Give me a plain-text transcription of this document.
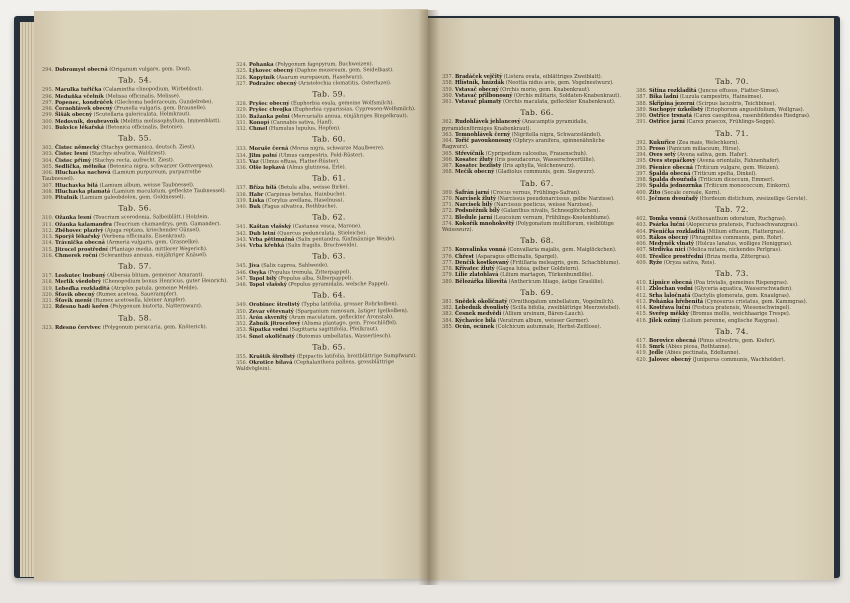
294. Dobromysl obecná (Origanum vulgare, gem. Dost).
Tab. 54.
295. Marulka tuřička (Calamintha clinopodium, Wirbeldost).
296. Meduňka včelník (Melissa officinalis, Melisse).
297. Popenec, kondrúček (Glechoma hederaceum, Gundelrebe).
298. Černohlávek obecný (Prunella vulgaris, gem. Braunelle).
299. Šišák obecný (Scutellaria galericulata, Helmkraut).
300. Medovník, doubravník (Melittis melissophyllum, Immenblatt).
301. Bukvice lékařská (Betonica officinalis, Betonie).
Tab. 55.
302. Čistec německý (Stachys germanica, deutsch. Ziest).
303. Čistec lesní (Stachys silvatica, Waldziest).
304. Čistec přímý (Stachys recta, aufrecht. Ziest).
305. Sedlička, mělníka (Betonica nigra, schwarzer Gottvergess).
306. Hluchavka nachová (Lamium purpureum, purpurrothe Taubnessel).
307. Hluchavka bílá (Lamium album, weisse Taubnessel).
308. Hluchavka plamatá (Lamium maculatum, gefleckte Taubnessel).
309. Pitulník (Lamium galeobdolon, gem. Goldnessel).
Tab. 56.
310. Ožanka lesní (Teucrium scorodonia, Salbeiblätt.) Holzlein.
311. Ožanka kalamandra (Teucrium chamaedrys, gem. Gamander).
312. Zběhovec plazivý (Ajuga reptans, kriechender Günsel).
313. Sporýš lékařský (Verbena officinalis, Eisenkraut).
314. Trávnička obecná (Armeria vulgaris, gem. Grasnelke).
315. Jitrocel prostřední (Plantago media, mittlerer Wegerich).
316. Chmerek roční (Scleranthus annuus, einjähriger Knäuel).
Tab. 57.
317. Loskutec lnobuný (Albersia blitum, gemeiner Amarant).
318. Merlík všedobrý (Chenopodium bonus Henricus, guter Heinrich).
319. Lebeďka rozkladitá (Atriplex patula, gemeine Melde).
320. Šťovík obecný (Rumex acetosa, Sauerampfer).
321. Šťovík menší (Rumex acetosella, kleiner Ampfer).
322. Rdesno hadí kořen (Polygonum bistorta, Natternwurz).
Tab. 58.
323. Rdesno červivec (Polygonum persicaria, gem. Knöterich).
324. Pohanka (Polygonum fagopyrum, Buchweizen).
325. Lýkovec obecný (Daphne mezereum, gem. Seidelbast).
326. Kopytník (Asarum europaeum, Haselwurz).
327. Podražec obecný (Aristolochia clematitis, Osterluzei).
Tab. 59.
328. Pryšec obecný (Euphorbia esula, gemeine Wolfsmilch).
329. Pryšec chvojka (Euphorbia cyparissias, Cypressen-Wolfsmilch).
330. Bažanka polní (Mercurialis annua, einjähriges Bingelkraut).
331. Konopí (Cannabis sativa, Hanf).
332. Chmel (Humulus lupulus, Hopfen).
Tab. 60.
333. Moruše černá (Morus nigra, schwarze Maulbeere).
334. Jilm polní (Ulmus campestris, Feld-Rüster).
335. Vaz (Ulmus effusa, Flatter-Rüster).
336. Olše lepkavá (Alnus glutinosa, Erle).
Tab. 61.
337. Bříza bílá (Betula alba, weisse Birke).
338. Habr (Carpinus betulus, Hainbuche).
339. Líska (Corylus avellana, Haselnuss).
340. Buk (Fagus silvatica, Rothbuche).
Tab. 62.
341. Kaštan vlašský (Castanea vesca, Marone).
342. Dub letní (Quercus pedunculata, Stieleiche).
343. Vrba pětimužná (Salix pentandra, fünfmännige Weide).
344. Vrba křehká (Salix fragilis, Bruchweide).
Tab. 63.
345. Jíva (Salix caprea, Sahlweide).
346. Osyka (Populus tremula, Zitterpappel).
347. Topol bílý (Populus alba, Silberpappel).
348. Topol vlašský (Populus pyramidalis, welsche Pappel).
Tab. 64.
349. Orobinec širolistý (Typha latifolia, grosser Rohrkolben).
350. Zevar větevnatý (Sparganium ramosum, ästiger Igelkolben).
351. Árón skvrnitý (Arum maculatum, gefleckter Aronstab).
352. Žabník jitrocelový (Alisma plantago, gem. Froschlöffel).
353. Šípatka vodní (Sagittaria sagittifolia, Pfeilkraut).
354. Šmel okoličnatý (Butomus umbellatus, Wasserliesch).
Tab. 65.
355. Kruštík širolistý (Epipactis latifolia, breitblättrige Sumpfwurz).
356. Okrotice bílavá (Cephalanthera pallens, grossblättrige Waldvöglein).
357. Bradáček vejčitý (Listera ovata, eiblättriges Zweiblatt).
358. Hlístník, hnízdák (Neottia nidus avis, gem. Vogelnestwurz).
359. Vstavač obecný (Orchis morio, gem. Knabenkraut).
360. Vstavač přilbonosný (Orchis militaris, Soldaten-Knabenkraut).
361. Vstavač plamatý (Orchis maculata, gefleckter Knabenkraut).
Tab. 66.
362. Rudohlávek jehlancový (Anacamptis pyramidalis, pyramidenförmiges Knabenkraut).
363. Temnohlávek černý (Nigritella nigra, Schwarzständel).
364. Tořič pavoukonosný (Ophrys aranifera, spinnenähnliche Ragwurz).
365. Střevíčník (Cypripedium calceolus, Frauenschuh).
366. Kosatec žlutý (Iris pseudacorus, Wasserschwertlilie).
367. Kosatec bezlistý (Iris aphylla, Veilchenwurz).
368. Mečík obecný (Gladiolus communis, gem. Siegwurz).
Tab. 67.
369. Šafrán jarní (Crocus vernus, Frühlings-Safran).
370. Narcisek žlutý (Narcissus pseudonarcissus, gelbe Narzisse).
371. Narcisek bílý (Narcissus poeticus, weisse Narzisse).
372. Podsněžník bílý (Galanthus nivalis, Schneeglöckchen).
373. Bledule jarní (Leucoium vernum, Frühlings-Knotenblume).
374. Kokořík mnohokvětý (Polygonatum multiflorum, vielblütige Weisswurz).
Tab. 68.
375. Konvalinka vonná (Convallaria majalis, gem. Maiglöckchen).
376. Chřest (Asparagus officinalis, Spargel).
377. Denčík kostkovaný (Fritillaria meleagris, gem. Schachblume).
378. Křivatec žlutý (Gagea lutea, gelber Goldstern).
379. Lilie zlatohlavá (Lilium martagon, Türkenbundlilie).
380. Bělozářka liliovitá (Anthericum liliago, ästige Graslilie).
Tab. 69.
381. Snědek okoličnatý (Ornithogalum umbellatum, Vogelmilch).
382. Lebedník dvoulistý (Scilla bifolia, zweiblättrige Meerzwiebel).
383. Česnek medvědí (Allium ursinum, Bären-Lauch).
384. Kýchavice bílá (Veratrum album, weisser Germer).
385. Ocún, ocúnek (Colchicum autumnale, Herbst-Zeitlose).
Tab. 70.
386. Sítina rozkladitá (Juncus effusus, Flatter-Simse).
387. Bika ladní (Luzula campestris, Hainsimse).
388. Skřipina jezerní (Scirpus lacustris, Teichbinse).
389. Suchopýr úzkolistý (Eriophorum angustifolium, Wollgras).
390. Ostřice trsnatá (Carex caespitosa, rasenbildendes Riedgras).
391. Ostřice jarní (Carex praecox, Frühlings-Segge).
Tab. 71.
392. Kukuřice (Zea mais, Welschkorn).
393. Proso (Panicum miliaceum, Hirse).
394. Oves setý (Avena sativa, gem. Hafer).
395. Oves stepáčkový (Avena orientalis, Fahnenhafer).
396. Pšenice obecná (Triticum vulgare, gem. Weizen).
397. Špalda obecná (Triticum spelta, Dinkel).
398. Špalda dvouřadá (Triticum dicoccum, Emmer).
399. Špalda jednozrnka (Triticum monococcum, Einkorn).
400. Žito (Secale cereale, Korn).
401. Ječmen dvouřadý (Hordeum distichum, zweizeilige Gerste).
Tab. 72.
402. Tomka vonná (Anthoxanthum odoratum, Ruchgras).
403. Psárka luční (Alopecurus pratensis, Fuchsschwanzgras).
404. Pšenička rozkladitá (Milium effusum, Flattergras).
405. Rákos obecný (Phragmites communis, gem. Rohr).
406. Medyněk vlnatý (Holcus lanatus, wolliges Honiggras).
407. Strdivka níci (Melica nutans, nickendes Perlgras).
408. Třeslice prostřední (Briza media, Zittergras).
409. Ryže (Oryza sativa, Reis).
Tab. 73.
410. Lipnice obecná (Poa trivialis, gemeines Rispengras).
411. Zblochan vodní (Glyceria aquatica, Wasserschwaden).
412. Srha laločnatá (Dactylis glomerata, gem. Knaulgras).
413. Pohánka hřebenitá (Cynosurus cristatus, gem. Kammgras).
414. Kostřava luční (Festuca pratensis, Wiesenschwingel).
415. Sveřep měkký (Bromus mollis, weichhaarige Trespe).
416. Jílek ozimý (Lolium perenne, englische Raygras).
Tab. 74.
417. Borovice obecná (Pinus silvestris, gem. Kiefer).
418. Smrk (Abies picea, Rothtanne).
419. Jedle (Abies pectinata, Edeltanne).
420. Jalovec obecný (Juniperus communis, Wachholder).
